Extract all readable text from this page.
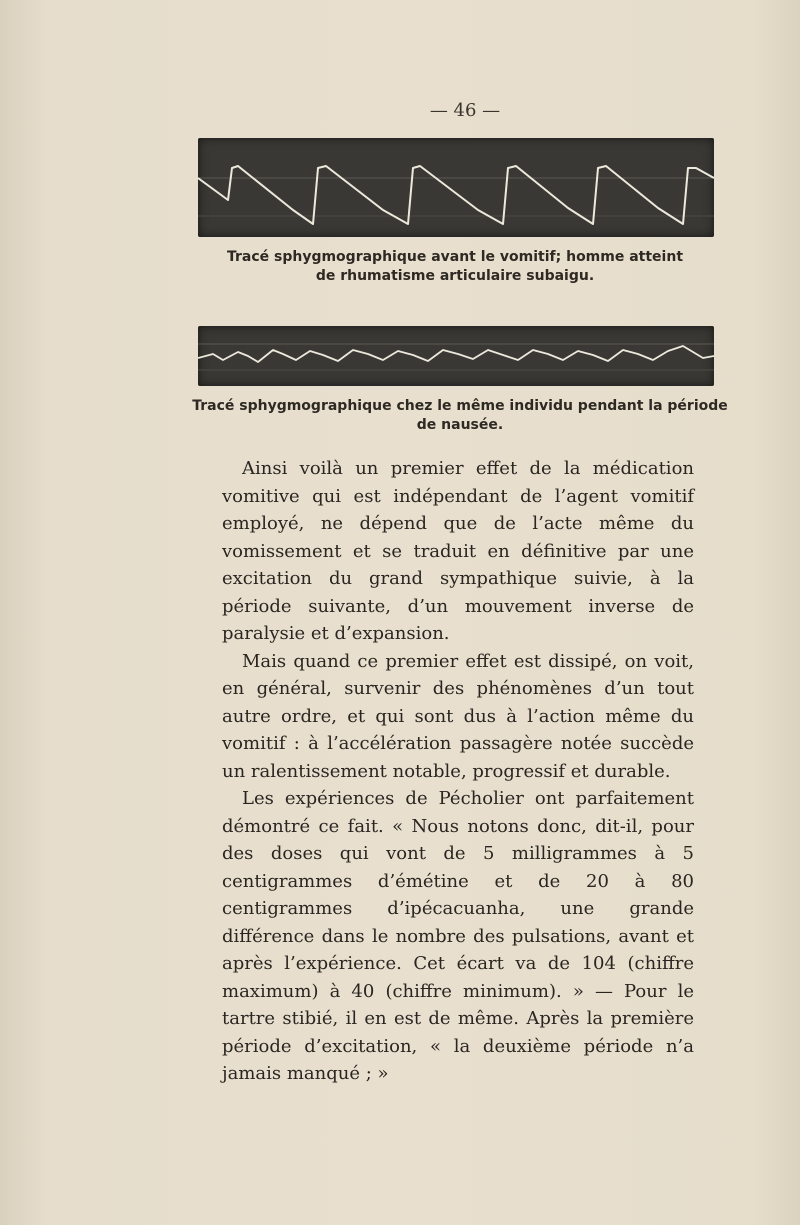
— 46 —
Tracé sphygmographique avant le vomitif; homme atteint
de rhumatisme articulaire subaigu.
Tracé sphygmographique chez le même individu pendant la période
de nausée.

Ainsi voilà un premier effet de la médication vomitive qui est indépendant de l’agent vomitif employé, ne dépend que de l’acte même du vomissement et se traduit en définitive par une excitation du grand sympathique suivie, à la période suivante, d’un mouvement inverse de paralysie et d’expansion.

Mais quand ce premier effet est dissipé, on voit, en général, survenir des phénomènes d’un tout autre ordre, et qui sont dus à l’action même du vomitif : à l’accélération passagère notée succède un ralentissement notable, progressif et durable.

Les expériences de Pécholier ont parfaitement démontré ce fait. « Nous notons donc, dit-il, pour des doses qui vont de 5 milligrammes à 5 centigrammes d’émétine et de 20 à 80 centigrammes d’ipécacuanha, une grande différence dans le nombre des pulsations, avant et après l’expérience. Cet écart va de 104 (chiffre maximum) à 40 (chiffre minimum). » — Pour le tartre stibié, il en est de même. Après la première période d’excitation, « la deuxième période n’a jamais manqué ; »
